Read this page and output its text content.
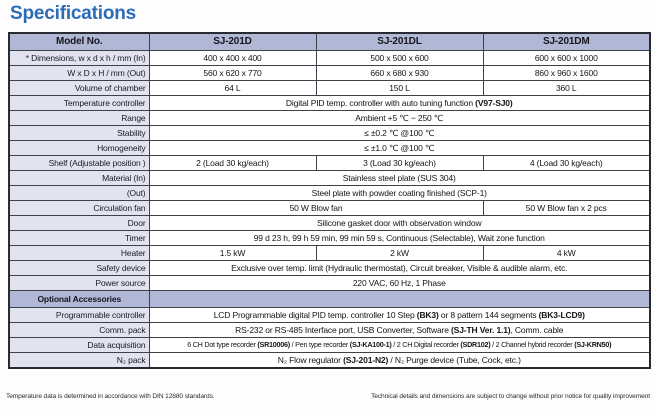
Specifications
Model No.	SJ-201D	SJ-201DL	SJ-201DM
* Dimensions, w x d x h / mm (In)	400 x 400 x 400	500 x 500 x 600	600 x 600 x 1000
W x D x H / mm (Out)	560 x 620 x 770	660 x 680 x 930	860 x 960 x 1600
Volume of chamber	64 L	150 L	360 L
Temperature controller	Digital PID temp. controller with auto tuning function (V97-SJ0)		
Range	Ambient +5 ℃ − 250 ℃		
Stability	≤ ±0.2 ℃ @100 ℃		
Homogeneity	≤ ±1.0 ℃ @100 ℃		
Shelf (Adjustable position )	2 (Load 30 kg/each)	3 (Load 30 kg/each)	4 (Load 30 kg/each)
Material (In)	Stainless steel plate (SUS 304)		
(Out)	Steel plate with powder coating finished (SCP-1)		
Circulation fan	50 W Blow fan		50 W Blow fan x 2 pcs
Door	Silicone gasket door with observation window		
Timer	99 d 23 h, 99 h 59 min, 99 min 59 s, Continuous (Selectable), Wait zone function		
Heater	1.5 kW	2 kW	4 kW
Safety device	Exclusive over temp. limit (Hydraulic thermostat), Circuit breaker, Visible & audible alarm, etc.		
Power source	220 VAC, 60 Hz, 1 Phase		
Optional Accessories			
Programmable controller	LCD Programmable digital PID temp. controller 10 Step (BK3) or 8 pattern 144 segments (BK3-LCD9)		
Comm. pack	RS-232 or RS-485 Interface port, USB Converter, Software (SJ-TH Ver. 1.1), Comm. cable		
Data acquisition	6 CH Dot type recorder (SR10006) / Pen type recorder (SJ-KA100-1) / 2 CH Digital recorder (SDR102) / 2 Channel hybrid recorder (SJ-KRN50)		
N₂ pack	N₂ Flow regulator (SJ-201-N2) / N₂ Purge device (Tube, Cock, etc.)		
Temperature data is determined in accordance with DIN 12880 standards.	Technical details and dimensions are subject to change without prior notice for quality improvement
